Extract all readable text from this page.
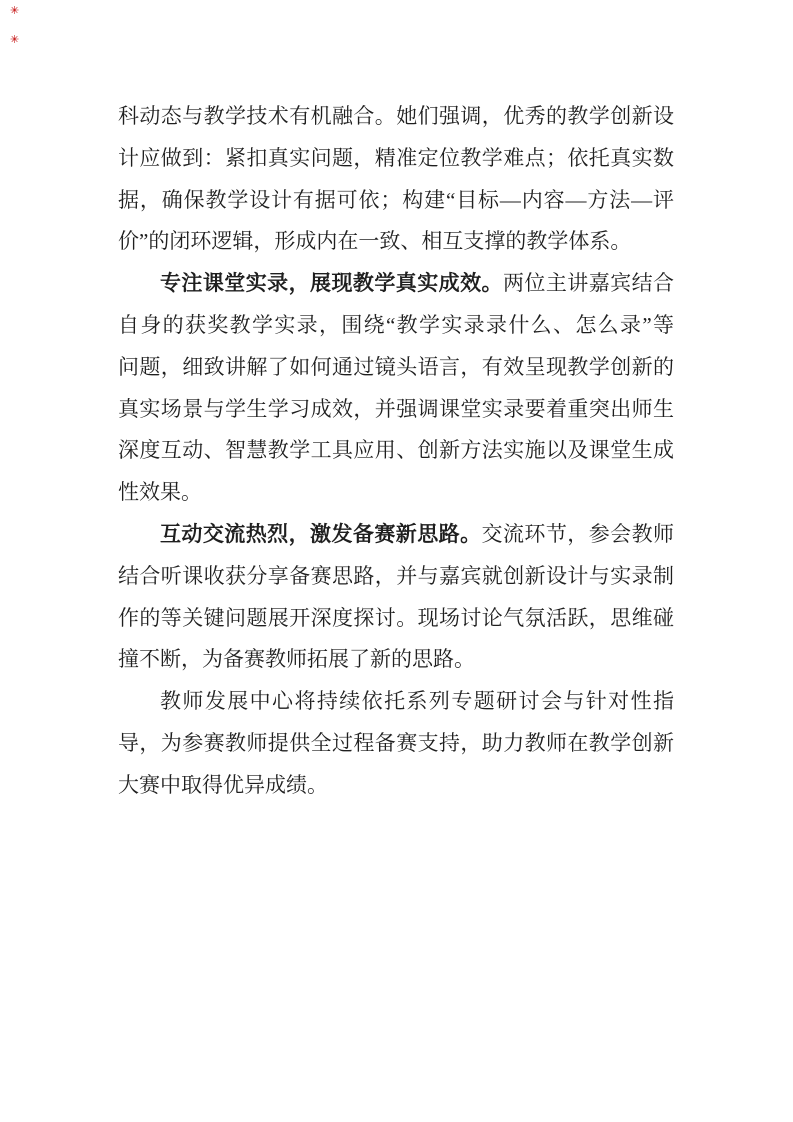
✳︎
✳︎
科动态与教学技术有机融合。她们强调，优秀的教学创新设
计应做到：紧扣真实问题，精准定位教学难点；依托真实数
据，确保教学设计有据可依；构建“目标—内容—方法—评
价”的闭环逻辑，形成内在一致、相互支撑的教学体系。
专注课堂实录，展现教学真实成效。两位主讲嘉宾结合
自身的获奖教学实录，围绕“教学实录录什么、怎么录”等
问题，细致讲解了如何通过镜头语言，有效呈现教学创新的
真实场景与学生学习成效，并强调课堂实录要着重突出师生
深度互动、智慧教学工具应用、创新方法实施以及课堂生成
性效果。
互动交流热烈，激发备赛新思路。交流环节，参会教师
结合听课收获分享备赛思路，并与嘉宾就创新设计与实录制
作的等关键问题展开深度探讨。现场讨论气氛活跃，思维碰
撞不断，为备赛教师拓展了新的思路。
教师发展中心将持续依托系列专题研讨会与针对性指
导，为参赛教师提供全过程备赛支持，助力教师在教学创新
大赛中取得优异成绩。
